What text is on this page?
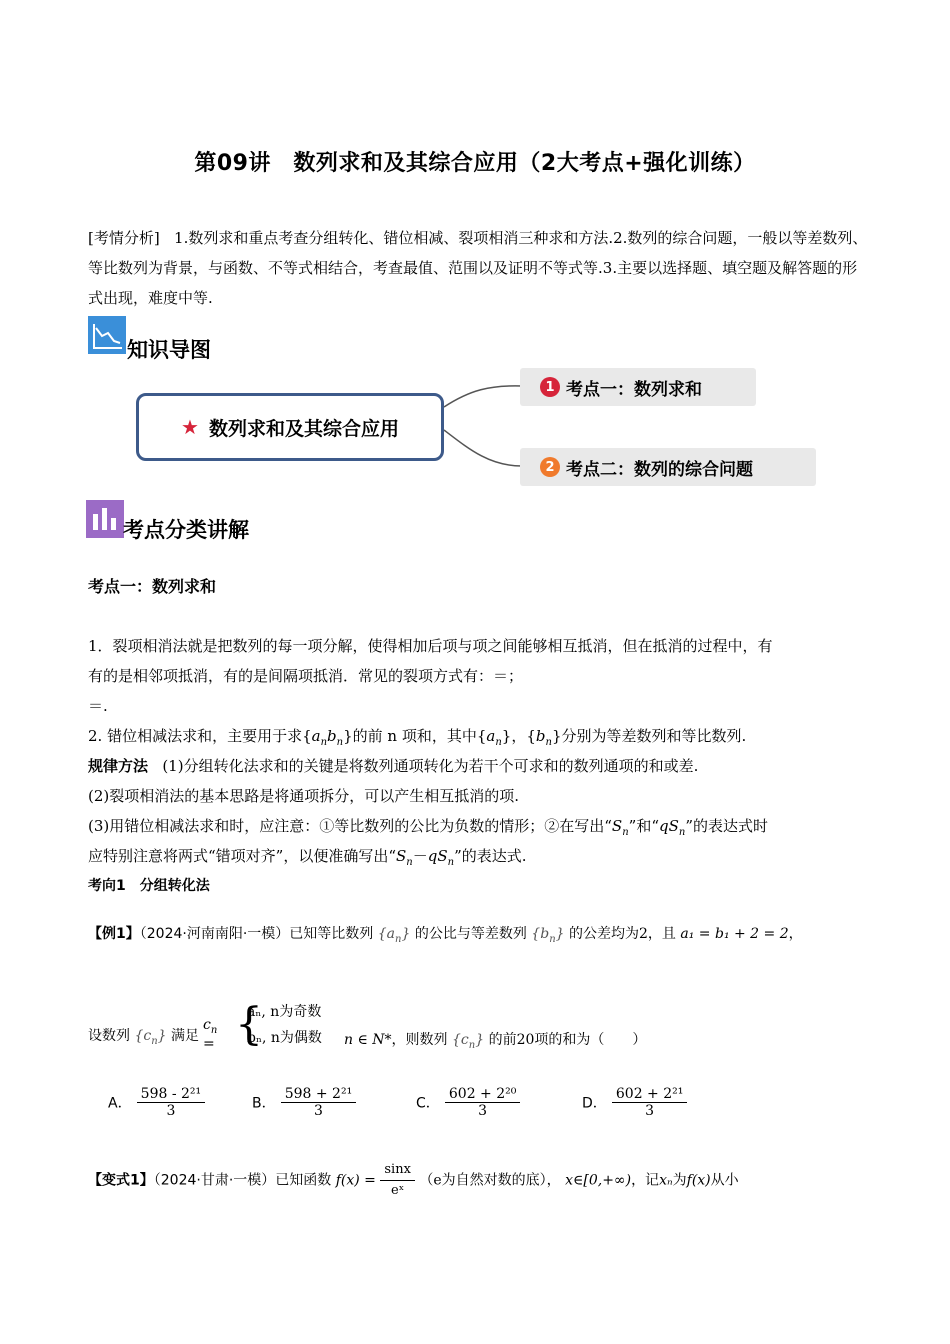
第09讲　数列求和及其综合应用（2大考点+强化训练）
[考情分析] 1.数列求和重点考查分组转化、错位相减、裂项相消三种求和方法.2.数列的综合问题，一般以等差数列、等比数列为背景，与函数、不等式相结合，考查最值、范围以及证明不等式等.3.主要以选择题、填空题及解答题的形式出现，难度中等.
知识导图
★ 数列求和及其综合应用
1 考点一：数列求和
2 考点二：数列的综合问题
考点分类讲解
考点一：数列求和
1．裂项相消法就是把数列的每一项分解，使得相加后项与项之间能够相互抵消，但在抵消的过程中，有
有的是相邻项抵消，有的是间隔项抵消．常见的裂项方式有：＝；
＝.
2. 错位相减法求和，主要用于求$\{a_nb_n\}$的前 n 项和，其中$\{a_n\}$，$\{b_n\}$分别为等差数列和等比数列.
规律方法 (1)分组转化法求和的关键是将数列通项转化为若干个可求和的数列通项的和或差.
(2)裂项相消法的基本思路是将通项拆分，可以产生相互抵消的项.
(3)用错位相减法求和时，应注意：①等比数列的公比为负数的情形；②在写出“$S_n$”和“$qS_n$”的表达式时
应特别注意将两式“错项对齐”，以便准确写出“$S_n-qS_n$”的表达式.
考向1　分组转化法
【例1】（2024·河南南阳·一模）已知等比数列 $\{a_n\}$ 的公比与等差数列 $\{b_n\}$ 的公差均为2，且 a₁ = b₁ + 2 = 2，
设数列 $\{c_n\}$ 满足
$c_n$ = {
aₙ, n为奇数
bₙ, n为偶数 n ∈ N*，则数列 $\{c_n\}$ 的前20项的和为（　　）
A． $\frac{\text{598 - 2²¹}}{3}$	B． $\frac{\text{598 + 2²¹}}{3}$	C． $\frac{\text{602 + 2²⁰}}{3}$	D． $\frac{\text{602 + 2²¹}}{3}$
【变式1】（2024·甘肃·一模）已知函数 $f(x) = \frac{\sin x}{\text{eˣ}} (e$为自然对数的底）， x∈[0,+∞)，记xₙ为f(x)从小
